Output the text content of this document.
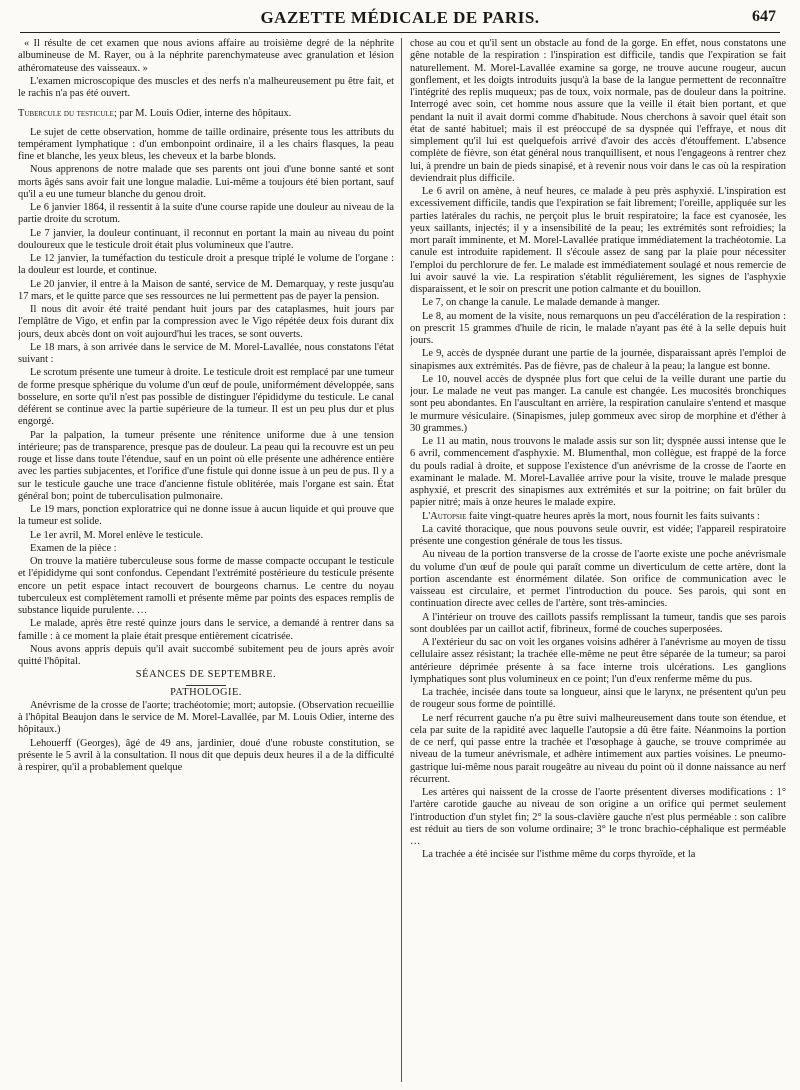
GAZETTE MÉDICALE DE PARIS.	647

« Il résulte de cet examen que nous avions affaire au troisième degré de la néphrite albumineuse de M. Rayer, ou à la néphrite parenchymateuse avec granulation et lésion athéromateuse des vaisseaux. »

L'examen microscopique des muscles et des nerfs n'a malheureusement pu être fait, et le rachis n'a pas été ouvert.

Tubercule du testicule; par M. Louis Odier, interne des hôpitaux.

Le sujet de cette observation, homme de taille ordinaire, présente tous les attributs du tempérament lymphatique : d'un embonpoint ordinaire, il a les chairs flasques, la peau fine et blanche, les yeux bleus, les cheveux et la barbe blonds.

Nous apprenons de notre malade que ses parents ont joui d'une bonne santé et sont morts âgés sans avoir fait une longue maladie. Lui-même a toujours été bien portant, sauf qu'il a eu une tumeur blanche du genou droit.

Le 6 janvier 1864, il ressentit à la suite d'une course rapide une douleur au niveau de la partie droite du scrotum.

Le 7 janvier, la douleur continuant, il reconnut en portant la main au niveau du point douloureux que le testicule droit était plus volumineux que l'autre.

Le 12 janvier, la tuméfaction du testicule droit a presque triplé le volume de l'organe : la douleur est lourde, et continue.

Le 20 janvier, il entre à la Maison de santé, service de M. Demarquay, y reste jusqu'au 17 mars, et le quitte parce que ses ressources ne lui permettent pas de payer la pension.

Il nous dit avoir été traité pendant huit jours par des cataplasmes, huit jours par l'emplâtre de Vigo, et enfin par la compression avec le Vigo répétée deux fois durant dix jours, deux abcès dont on voit aujourd'hui les traces, se sont ouverts.

Le 18 mars, à son arrivée dans le service de M. Morel-Lavallée, nous constatons l'état suivant :

Le scrotum présente une tumeur à droite. Le testicule droit est remplacé par une tumeur de forme presque sphérique du volume d'un œuf de poule, uniformément développée, sans bosselure, en sorte qu'il n'est pas possible de distinguer l'épididyme du testicule. Le canal déférent se continue avec la partie supérieure de la tumeur. Il est un peu plus dur et plus engorgé.

Par la palpation, la tumeur présente une rénitence uniforme due à une tension intérieure; pas de transparence, presque pas de douleur. La peau qui la recouvre est un peu rouge et lisse dans toute l'étendue, sauf en un point où elle présente une adhérence entière avec les parties subjacentes, et l'orifice d'une fistule qui donne issue à un peu de pus. Il y a sur le testicule gauche une trace d'ancienne fistule oblitérée, mais l'organe est sain. État général bon; point de tuberculisation pulmonaire.

Le 19 mars, ponction exploratrice qui ne donne issue à aucun liquide et qui prouve que la tumeur est solide.

Le 1er avril, M. Morel enlève le testicule.

Examen de la pièce :

On trouve la matière tuberculeuse sous forme de masse compacte occupant le testicule et l'épididyme qui sont confondus. Cependant l'extrémité postérieure du testicule présente encore un petit espace intact recouvert de bourgeons charnus. Le centre du noyau tuberculeux est complètement ramolli et présente même par points des espaces remplis de substance liquide purulente. …

Le malade, après être resté quinze jours dans le service, a demandé à rentrer dans sa famille : à ce moment la plaie était presque entièrement cicatrisée.

Nous avons appris depuis qu'il avait succombé subitement peu de jours après avoir quitté l'hôpital.

SÉANCES DE SEPTEMBRE.

PATHOLOGIE.

Anévrisme de la crosse de l'aorte; trachéotomie; mort; autopsie. (Observation recueillie à l'hôpital Beaujon dans le service de M. Morel-Lavallée, par M. Louis Odier, interne des hôpitaux.)

Lehouerff (Georges), âgé de 49 ans, jardinier, doué d'une robuste constitution, se présente le 5 avril à la consultation. Il nous dit que depuis deux heures il a de la difficulté à respirer, qu'il a probablement quelque

chose au cou et qu'il sent un obstacle au fond de la gorge. En effet, nous constatons une gêne notable de la respiration : l'inspiration est difficile, tandis que l'expiration se fait naturellement. M. Morel-Lavallée examine sa gorge, ne trouve aucune rougeur, aucun gonflement, et les doigts introduits jusqu'à la base de la langue permettent de reconnaître l'intégrité des replis muqueux; pas de toux, voix normale, pas de douleur dans la poitrine. Interrogé avec soin, cet homme nous assure que la veille il était bien portant, et que pendant la nuit il avait dormi comme d'habitude. Nous cherchons à savoir quel était son état de santé habituel; mais il est préoccupé de sa dyspnée qui l'effraye, et nous dit simplement qu'il lui est quelquefois arrivé d'avoir des accès d'étouffement. L'absence complète de fièvre, son état général nous tranquillisent, et nous l'engageons à rentrer chez lui, à prendre un bain de pieds sinapisé, et à revenir nous voir dans le cas où la respiration deviendrait plus difficile.

Le 6 avril on amène, à neuf heures, ce malade à peu près asphyxié. L'inspiration est excessivement difficile, tandis que l'expiration se fait librement; l'oreille, appliquée sur les parties latérales du rachis, ne perçoit plus le bruit respiratoire; la face est cyanosée, les yeux saillants, injectés; il y a insensibilité de la peau; les extrémités sont refroidies; la mort paraît imminente, et M. Morel-Lavallée pratique immédiatement la trachéotomie. La canule est introduite rapidement. Il s'écoule assez de sang par la plaie pour nécessiter l'emploi du perchlorure de fer. Le malade est immédiatement soulagé et nous remercie de lui avoir sauvé la vie. La respiration s'établit régulièrement, les signes de l'asphyxie disparaissent, et le soir on prescrit une potion calmante et du bouillon.

Le 7, on change la canule. Le malade demande à manger.

Le 8, au moment de la visite, nous remarquons un peu d'accélération de la respiration : on prescrit 15 grammes d'huile de ricin, le malade n'ayant pas été à la selle depuis huit jours.

Le 9, accès de dyspnée durant une partie de la journée, disparaissant après l'emploi de sinapismes aux extrémités. Pas de fièvre, pas de chaleur à la peau; la langue est bonne.

Le 10, nouvel accès de dyspnée plus fort que celui de la veille durant une partie du jour. Le malade ne veut pas manger. La canule est changée. Les mucosités bronchiques sont peu abondantes. En l'auscultant en arrière, la respiration canulaire s'entend et masque le murmure vésiculaire. (Sinapismes, julep gommeux avec sirop de morphine et d'éther à 30 grammes.)

Le 11 au matin, nous trouvons le malade assis sur son lit; dyspnée aussi intense que le 6 avril, commencement d'asphyxie. M. Blumenthal, mon collègue, est frappé de la force du pouls radial à droite, et suppose l'existence d'un anévrisme de la crosse de l'aorte en examinant le malade. M. Morel-Lavallée arrive pour la visite, trouve le malade presque asphyxié, et prescrit des sinapismes aux extrémités et sur la poitrine; on fait brûler du papier nitré; mais à onze heures le malade expire.

L'Autopsie faite vingt-quatre heures après la mort, nous fournit les faits suivants :

La cavité thoracique, que nous pouvons seule ouvrir, est vidée; l'appareil respiratoire présente une congestion générale de tous les tissus.

Au niveau de la portion transverse de la crosse de l'aorte existe une poche anévrismale du volume d'un œuf de poule qui paraît comme un diverticulum de cette artère, dont la portion ascendante est énormément dilatée. Son orifice de communication avec le vaisseau est circulaire, et permet l'introduction du pouce. Ses parois, qui sont en continuation directe avec celles de l'artère, sont très-amincies.

A l'intérieur on trouve des caillots passifs remplissant la tumeur, tandis que ses parois sont doublées par un caillot actif, fibrineux, formé de couches superposées.

A l'extérieur du sac on voit les organes voisins adhérer à l'anévrisme au moyen de tissu cellulaire assez résistant; la trachée elle-même ne peut être séparée de la tumeur; sa paroi antérieure déprimée présente à sa face interne trois ulcérations. Les ganglions lymphatiques sont plus volumineux en ce point; l'un d'eux renferme même du pus.

La trachée, incisée dans toute sa longueur, ainsi que le larynx, ne présentent qu'un peu de rougeur sous forme de pointillé.

Le nerf récurrent gauche n'a pu être suivi malheureusement dans toute son étendue, et cela par suite de la rapidité avec laquelle l'autopsie a dû être faite. Néanmoins la portion de ce nerf, qui passe entre la trachée et l'œsophage à gauche, se trouve comprimée au niveau de la tumeur anévrismale, et adhère intimement aux parties voisines. Le pneumo-gastrique lui-même nous parait rougeâtre au niveau du point où il donne naissance au nerf récurrent.

Les artères qui naissent de la crosse de l'aorte présentent diverses modifications : 1° l'artère carotide gauche au niveau de son origine a un orifice qui permet seulement l'introduction d'un stylet fin; 2° la sous-clavière gauche n'est plus perméable : son calibre est réduit au tiers de son volume ordinaire; 3° le tronc brachio-céphalique est perméable …

La trachée a été incisée sur l'isthme même du corps thyroïde, et la
